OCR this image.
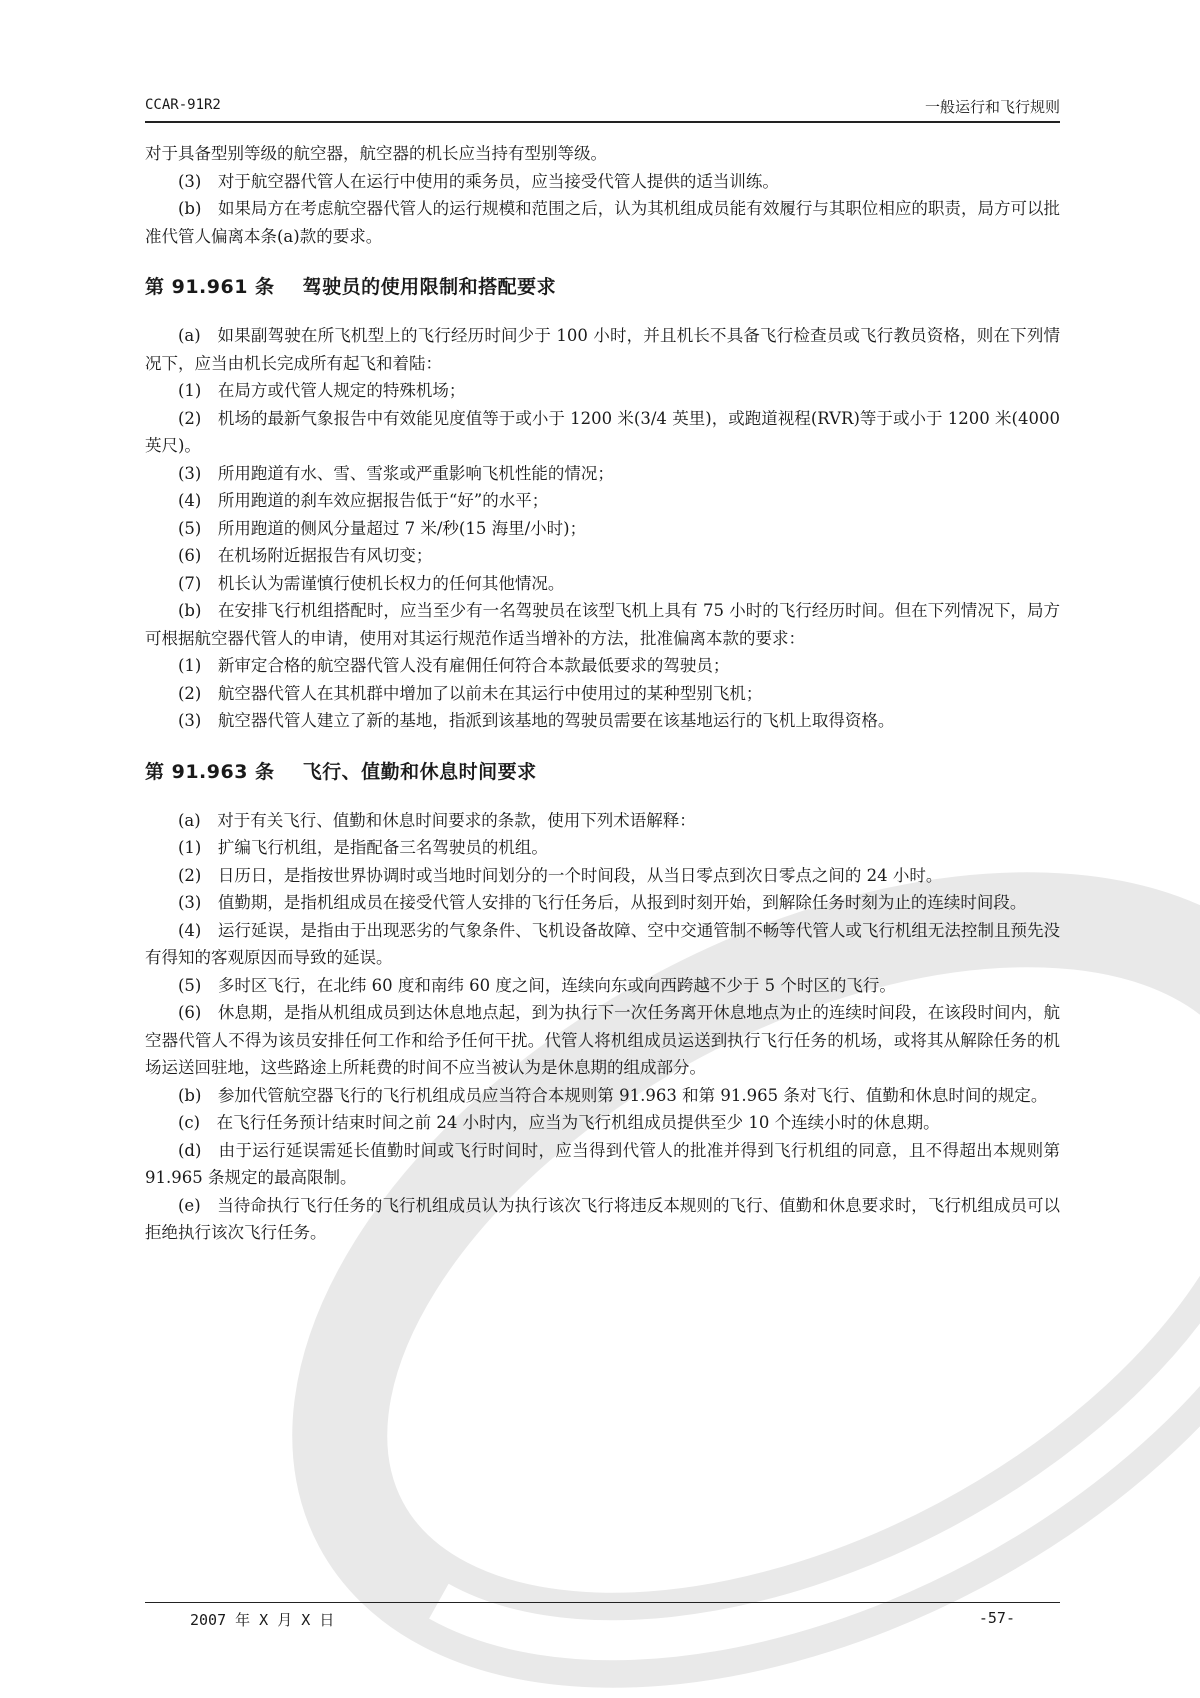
CCAR-91R2	一般运行和飞行规则

对于具备型别等级的航空器，航空器的机长应当持有型别等级。

(3)　对于航空器代管人在运行中使用的乘务员，应当接受代管人提供的适当训练。

(b)　如果局方在考虑航空器代管人的运行规模和范围之后，认为其机组成员能有效履行与其职位相应的职责，局方可以批准代管人偏离本条(a)款的要求。

第 91.961 条 驾驶员的使用限制和搭配要求

(a)　如果副驾驶在所飞机型上的飞行经历时间少于 100 小时，并且机长不具备飞行检查员或飞行教员资格，则在下列情况下，应当由机长完成所有起飞和着陆：

(1)　在局方或代管人规定的特殊机场；

(2)　机场的最新气象报告中有效能见度值等于或小于 1200 米(3/4 英里)，或跑道视程(RVR)等于或小于 1200 米(4000 英尺)。

(3)　所用跑道有水、雪、雪浆或严重影响飞机性能的情况；

(4)　所用跑道的刹车效应据报告低于“好”的水平；

(5)　所用跑道的侧风分量超过 7 米/秒(15 海里/小时)；

(6)　在机场附近据报告有风切变；

(7)　机长认为需谨慎行使机长权力的任何其他情况。

(b)　在安排飞行机组搭配时，应当至少有一名驾驶员在该型飞机上具有 75 小时的飞行经历时间。但在下列情况下，局方可根据航空器代管人的申请，使用对其运行规范作适当增补的方法，批准偏离本款的要求：

(1)　新审定合格的航空器代管人没有雇佣任何符合本款最低要求的驾驶员；

(2)　航空器代管人在其机群中增加了以前未在其运行中使用过的某种型别飞机；

(3)　航空器代管人建立了新的基地，指派到该基地的驾驶员需要在该基地运行的飞机上取得资格。

第 91.963 条 飞行、值勤和休息时间要求

(a)　对于有关飞行、值勤和休息时间要求的条款，使用下列术语解释：

(1)　扩编飞行机组，是指配备三名驾驶员的机组。

(2)　日历日，是指按世界协调时或当地时间划分的一个时间段，从当日零点到次日零点之间的 24 小时。

(3)　值勤期，是指机组成员在接受代管人安排的飞行任务后，从报到时刻开始，到解除任务时刻为止的连续时间段。

(4)　运行延误，是指由于出现恶劣的气象条件、飞机设备故障、空中交通管制不畅等代管人或飞行机组无法控制且预先没有得知的客观原因而导致的延误。

(5)　多时区飞行，在北纬 60 度和南纬 60 度之间，连续向东或向西跨越不少于 5 个时区的飞行。

(6)　休息期，是指从机组成员到达休息地点起，到为执行下一次任务离开休息地点为止的连续时间段，在该段时间内，航空器代管人不得为该员安排任何工作和给予任何干扰。代管人将机组成员运送到执行飞行任务的机场，或将其从解除任务的机场运送回驻地，这些路途上所耗费的时间不应当被认为是休息期的组成部分。

(b)　参加代管航空器飞行的飞行机组成员应当符合本规则第 91.963 和第 91.965 条对飞行、值勤和休息时间的规定。

(c)　在飞行任务预计结束时间之前 24 小时内，应当为飞行机组成员提供至少 10 个连续小时的休息期。

(d)　由于运行延误需延长值勤时间或飞行时间时，应当得到代管人的批准并得到飞行机组的同意，且不得超出本规则第 91.965 条规定的最高限制。

(e)　当待命执行飞行任务的飞行机组成员认为执行该次飞行将违反本规则的飞行、值勤和休息要求时，飞行机组成员可以拒绝执行该次飞行任务。

2007 年 X 月 X 日	-57-
